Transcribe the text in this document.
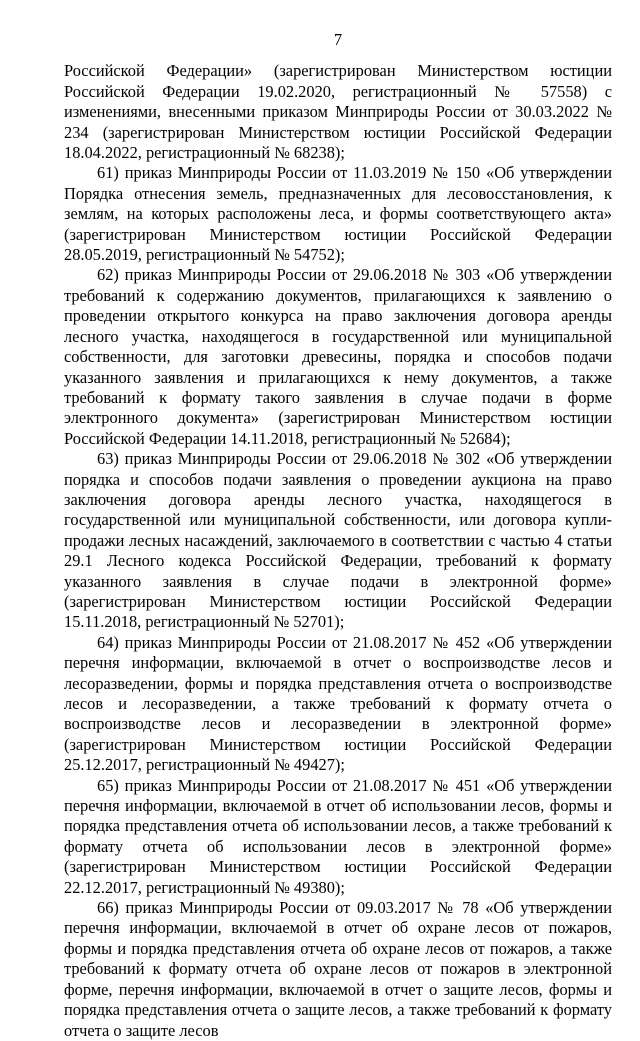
7

Российской Федерации» (зарегистрирован Министерством юстиции Российской Федерации 19.02.2020, регистрационный № 57558) с изменениями, внесенными приказом Минприроды России от 30.03.2022 № 234 (зарегистрирован Министерством юстиции Российской Федерации 18.04.2022, регистрационный № 68238);

61) приказ Минприроды России от 11.03.2019 № 150 «Об утверждении Порядка отнесения земель, предназначенных для лесовосстановления, к землям, на которых расположены леса, и формы соответствующего акта» (зарегистрирован Министерством юстиции Российской Федерации 28.05.2019, регистрационный № 54752);

62) приказ Минприроды России от 29.06.2018 № 303 «Об утверждении требований к содержанию документов, прилагающихся к заявлению о проведении открытого конкурса на право заключения договора аренды лесного участка, находящегося в государственной или муниципальной собственности, для заготовки древесины, порядка и способов подачи указанного заявления и прилагающихся к нему документов, а также требований к формату такого заявления в случае подачи в форме электронного документа» (зарегистрирован Министерством юстиции Российской Федерации 14.11.2018, регистрационный № 52684);

63) приказ Минприроды России от 29.06.2018 № 302 «Об утверждении порядка и способов подачи заявления о проведении аукциона на право заключения договора аренды лесного участка, находящегося в государственной или муниципальной собственности, или договора купли-продажи лесных насаждений, заключаемого в соответствии с частью 4 статьи 29.1 Лесного кодекса Российской Федерации, требований к формату указанного заявления в случае подачи в электронной форме» (зарегистрирован Министерством юстиции Российской Федерации 15.11.2018, регистрационный № 52701);

64) приказ Минприроды России от 21.08.2017 № 452 «Об утверждении перечня информации, включаемой в отчет о воспроизводстве лесов и лесоразведении, формы и порядка представления отчета о воспроизводстве лесов и лесоразведении, а также требований к формату отчета о воспроизводстве лесов и лесоразведении в электронной форме» (зарегистрирован Министерством юстиции Российской Федерации 25.12.2017, регистрационный № 49427);

65) приказ Минприроды России от 21.08.2017 № 451 «Об утверждении перечня информации, включаемой в отчет об использовании лесов, формы и порядка представления отчета об использовании лесов, а также требований к формату отчета об использовании лесов в электронной форме» (зарегистрирован Министерством юстиции Российской Федерации 22.12.2017, регистрационный № 49380);

66) приказ Минприроды России от 09.03.2017 № 78 «Об утверждении перечня информации, включаемой в отчет об охране лесов от пожаров, формы и порядка представления отчета об охране лесов от пожаров, а также требований к формату отчета об охране лесов от пожаров в электронной форме, перечня информации, включаемой в отчет о защите лесов, формы и порядка представления отчета о защите лесов, а также требований к формату отчета о защите лесов
